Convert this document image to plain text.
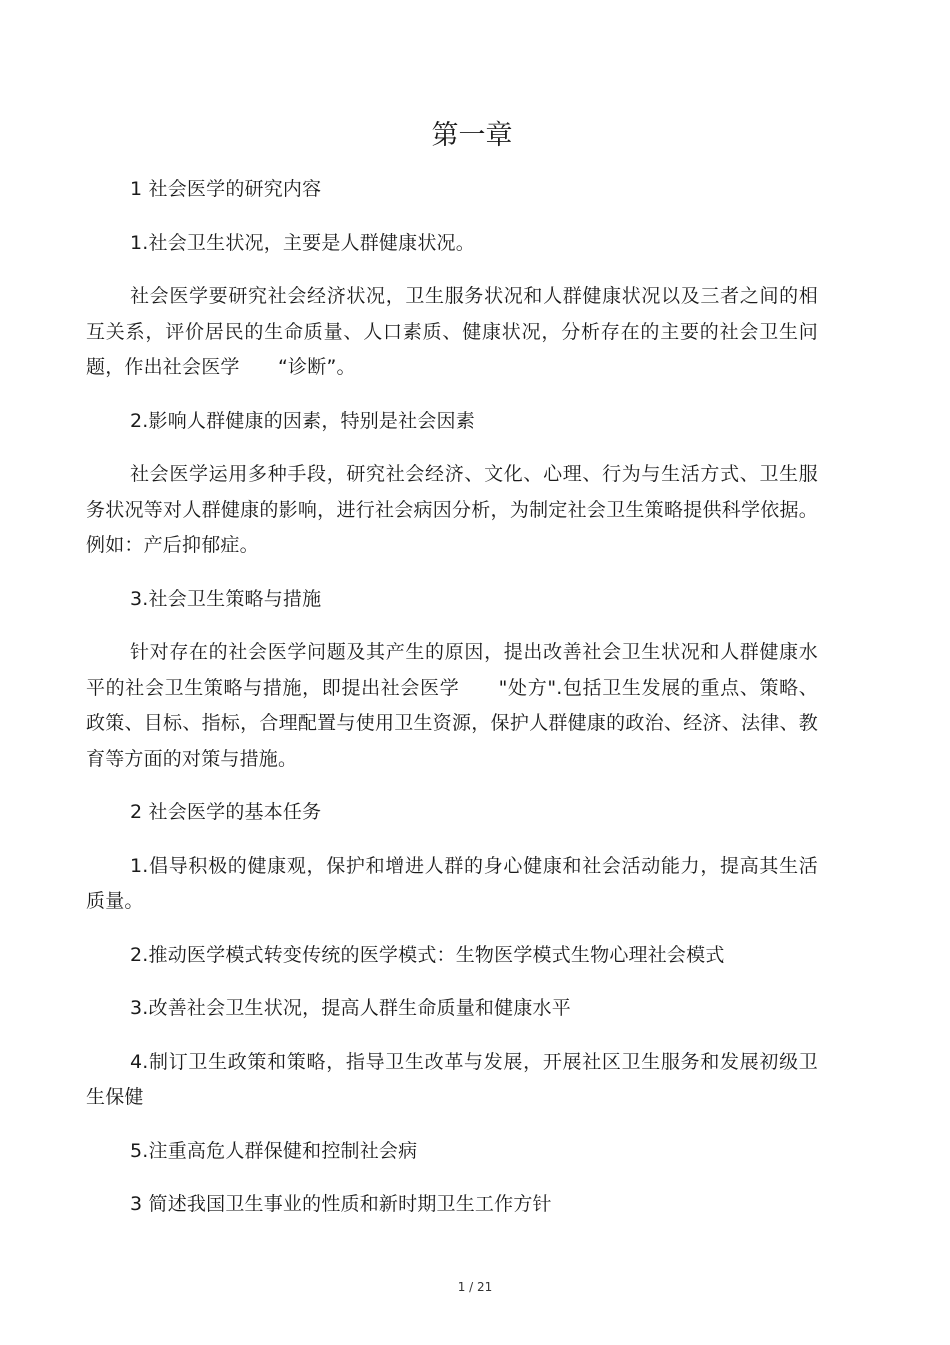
第一章

1 社会医学的研究内容

1.社会卫生状况，主要是人群健康状况。

社会医学要研究社会经济状况，卫生服务状况和人群健康状况以及三者之间的相互关系，评价居民的生命质量、人口素质、健康状况，分析存在的主要的社会卫生问题，作出社会医学　　“诊断”。

2.影响人群健康的因素，特别是社会因素

社会医学运用多种手段，研究社会经济、文化、心理、行为与生活方式、卫生服务状况等对人群健康的影响，进行社会病因分析，为制定社会卫生策略提供科学依据。例如：产后抑郁症。

3.社会卫生策略与措施

针对存在的社会医学问题及其产生的原因，提出改善社会卫生状况和人群健康水平的社会卫生策略与措施，即提出社会医学　　"处方".包括卫生发展的重点、策略、政策、目标、指标，合理配置与使用卫生资源，保护人群健康的政治、经济、法律、教育等方面的对策与措施。

2 社会医学的基本任务

1.倡导积极的健康观，保护和增进人群的身心健康和社会活动能力，提高其生活质量。

2.推动医学模式转变传统的医学模式：生物医学模式生物心理社会模式

3.改善社会卫生状况，提高人群生命质量和健康水平

4.制订卫生政策和策略，指导卫生改革与发展，开展社区卫生服务和发展初级卫生保健

5.注重高危人群保健和控制社会病

3 简述我国卫生事业的性质和新时期卫生工作方针

1 / 21
